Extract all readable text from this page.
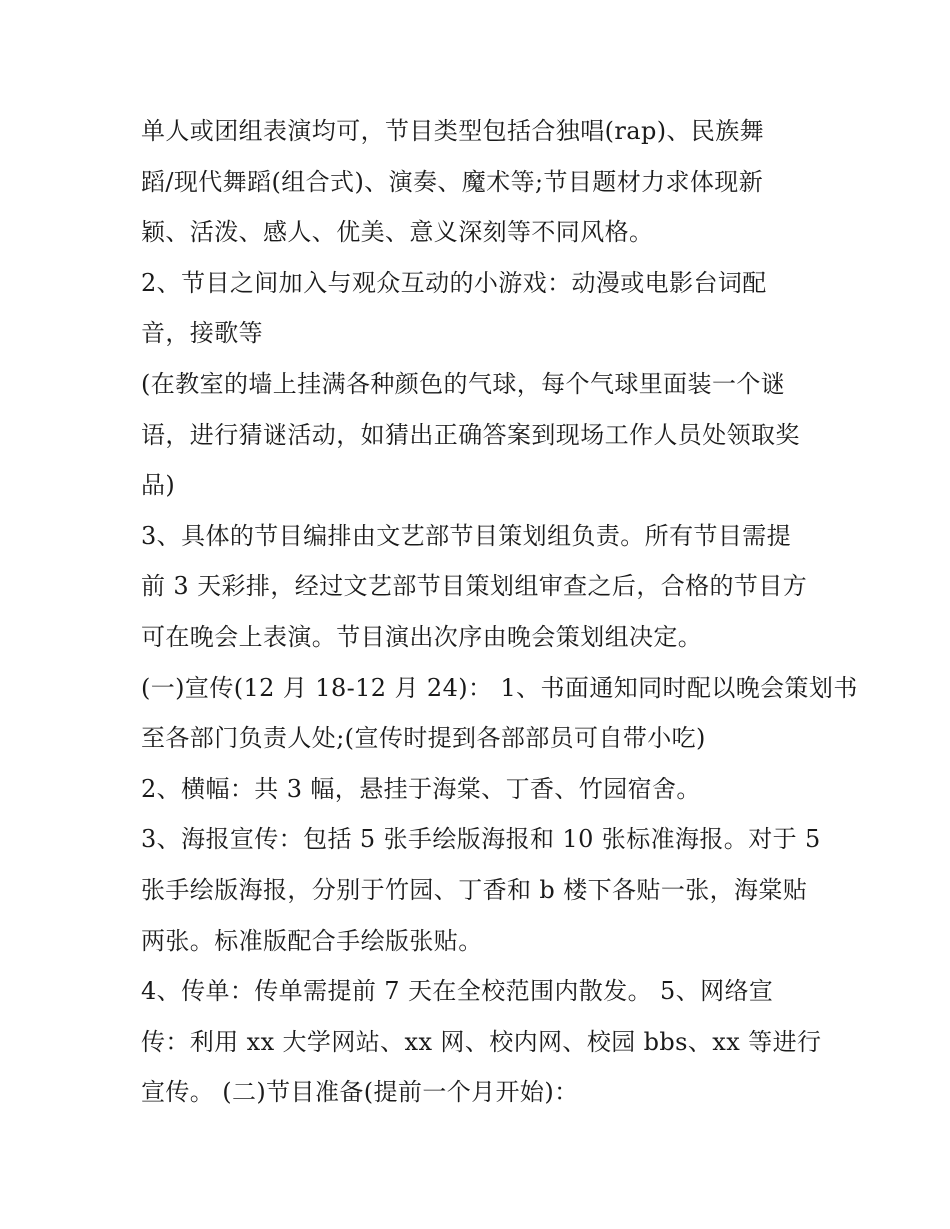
单人或团组表演均可，节目类型包括合独唱(rap)、民族舞
蹈/现代舞蹈(组合式)、演奏、魔术等;节目题材力求体现新
颖、活泼、感人、优美、意义深刻等不同风格。
2、节目之间加入与观众互动的小游戏：动漫或电影台词配
音，接歌等
(在教室的墙上挂满各种颜色的气球，每个气球里面装一个谜
语，进行猜谜活动，如猜出正确答案到现场工作人员处领取奖
品)
3、具体的节目编排由文艺部节目策划组负责。所有节目需提
前 3 天彩排，经过文艺部节目策划组审查之后，合格的节目方
可在晚会上表演。节目演出次序由晚会策划组决定。
(一)宣传(12 月 18-12 月 24)： 1、书面通知同时配以晚会策划书
至各部门负责人处;(宣传时提到各部部员可自带小吃)
2、横幅：共 3 幅，悬挂于海棠、丁香、竹园宿舍。
3、海报宣传：包括 5 张手绘版海报和 10 张标准海报。对于 5
张手绘版海报，分别于竹园、丁香和 b 楼下各贴一张，海棠贴
两张。标准版配合手绘版张贴。
4、传单：传单需提前 7 天在全校范围内散发。 5、网络宣
传：利用 xx 大学网站、xx 网、校内网、校园 bbs、xx 等进行
宣传。 (二)节目准备(提前一个月开始)：
